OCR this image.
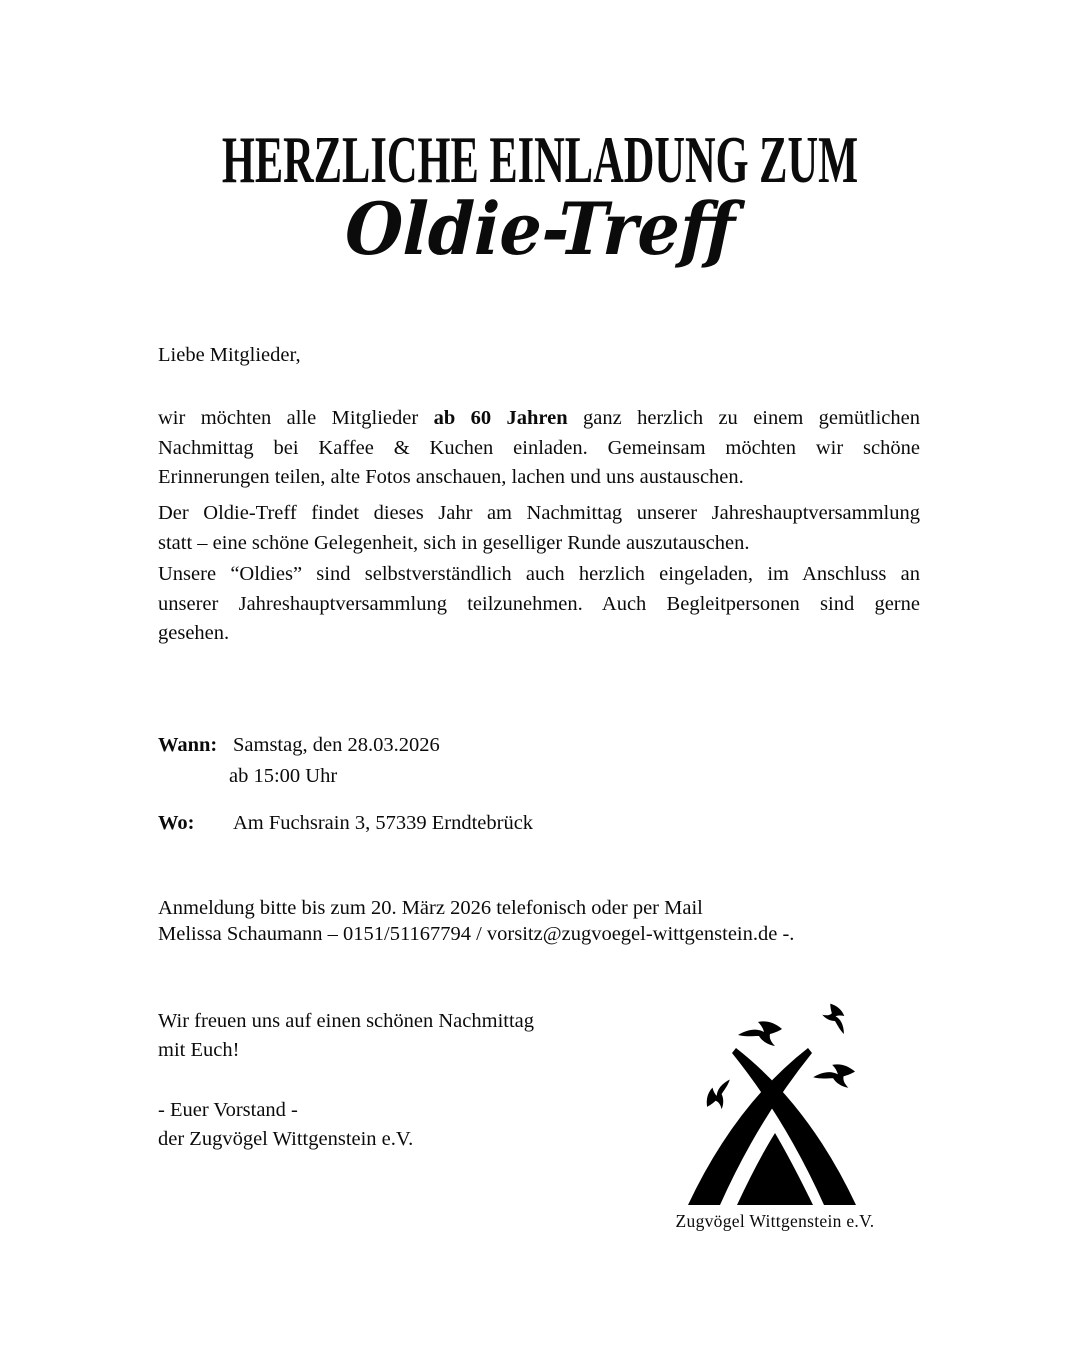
HERZLICHE EINLADUNG ZUM
Oldie-Treff
Liebe Mitglieder,
wir möchten alle Mitglieder ab 60 Jahren ganz herzlich zu einem gemütlichen
Nachmittag bei Kaffee & Kuchen einladen. Gemeinsam möchten wir schöne
Erinnerungen teilen, alte Fotos anschauen, lachen und uns austauschen.
Der Oldie-Treff findet dieses Jahr am Nachmittag unserer Jahreshauptversammlung
statt – eine schöne Gelegenheit, sich in geselliger Runde auszutauschen.
Unsere “Oldies” sind selbstverständlich auch herzlich eingeladen, im Anschluss an
unserer Jahreshauptversammlung teilzunehmen. Auch Begleitpersonen sind gerne
gesehen.
Wann: Samstag, den 28.03.2026
ab 15:00 Uhr
Wo: Am Fuchsrain 3, 57339 Erndtebrück
Anmeldung bitte bis zum 20. März 2026 telefonisch oder per Mail
Melissa Schaumann – 0151/51167794 / vorsitz@zugvoegel-wittgenstein.de -.
Wir freuen uns auf einen schönen Nachmittag
mit Euch!
- Euer Vorstand -
der Zugvögel Wittgenstein e.V.
Zugvögel Wittgenstein e.V.
